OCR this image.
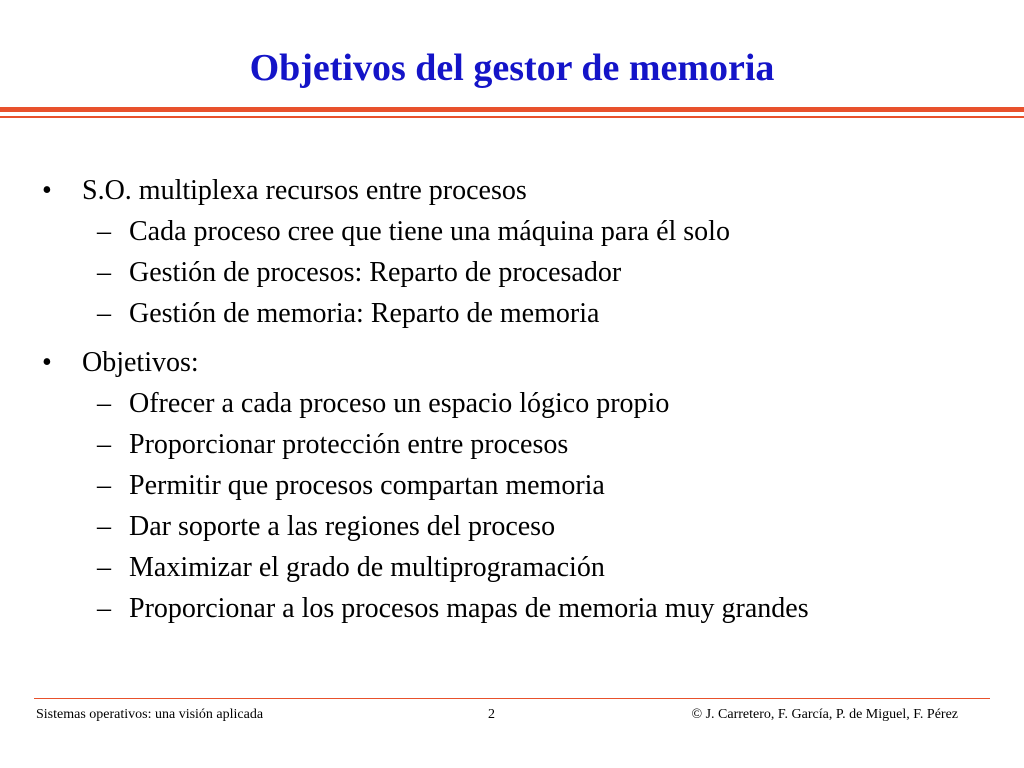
Objetivos del gestor de memoria
•	S.O. multiplexa recursos entre procesos
– Cada proceso cree que tiene una máquina para él solo
– Gestión de procesos: Reparto de procesador
– Gestión de memoria: Reparto de memoria
•	Objetivos:
– Ofrecer a cada proceso un espacio lógico propio
– Proporcionar protección entre procesos
– Permitir que procesos compartan memoria
– Dar soporte a las regiones del proceso
– Maximizar el grado de multiprogramación
– Proporcionar a los procesos mapas de memoria muy grandes
Sistemas operativos: una visión aplicada	2	© J. Carretero, F. García, P. de Miguel, F. Pérez
